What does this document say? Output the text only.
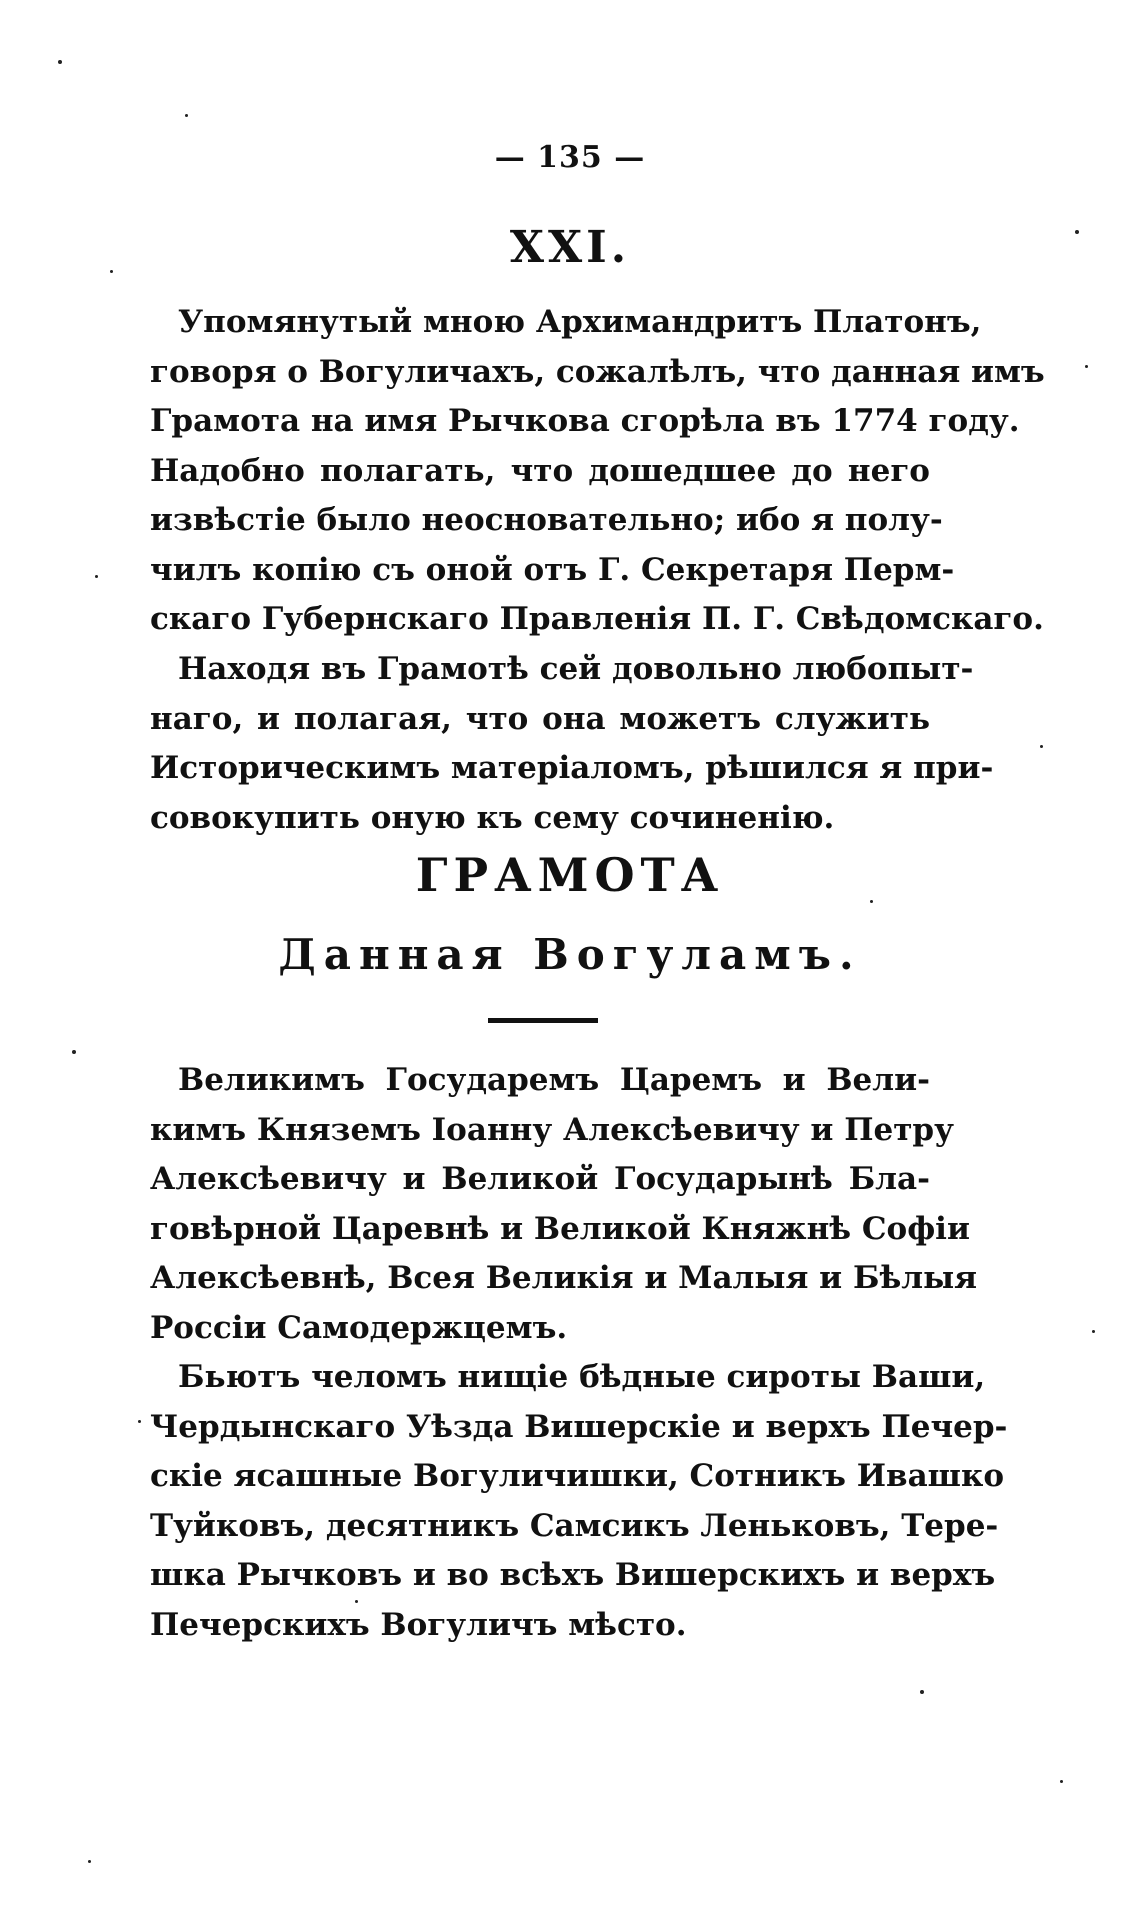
— 135 —
XXI.
Упомянутый мною Архимандритъ Платонъ,
говоря о Вогуличахъ, сожалѣлъ, что данная имъ
Грамота на имя Рычкова сгорѣла въ 1774 году.
Надобно полагать, что дошедшее до него
извѣстіе было неосновательно; ибо я полу-
чилъ копію съ оной отъ Г. Секретаря Перм-
скаго Губернскаго Правленія П. Г. Свѣдомскаго.
Находя въ Грамотѣ сей довольно любопыт-
наго, и полагая, что она можетъ служить
Историческимъ матеріаломъ, рѣшился я при-
совокупить оную къ сему сочиненію.
ГРАМОТА
Данная Вогуламъ.
Великимъ Государемъ Царемъ и Вели-
кимъ Княземъ Іоанну Алексѣевичу и Петру
Алексѣевичу и Великой Государынѣ Бла-
говѣрной Царевнѣ и Великой Княжнѣ Софіи
Алексѣевнѣ, Всея Великія и Малыя и Бѣлыя
Россіи Самодержцемъ.
Бьютъ челомъ нищіе бѣдные сироты Ваши,
Чердынскаго Уѣзда Вишерскіе и верхъ Печер-
скіе ясашные Вогуличишки, Сотникъ Ивашко
Туйковъ, десятникъ Самсикъ Леньковъ, Тере-
шка Рычковъ и во всѣхъ Вишерскихъ и верхъ
Печерскихъ Вогуличъ мѣсто.
